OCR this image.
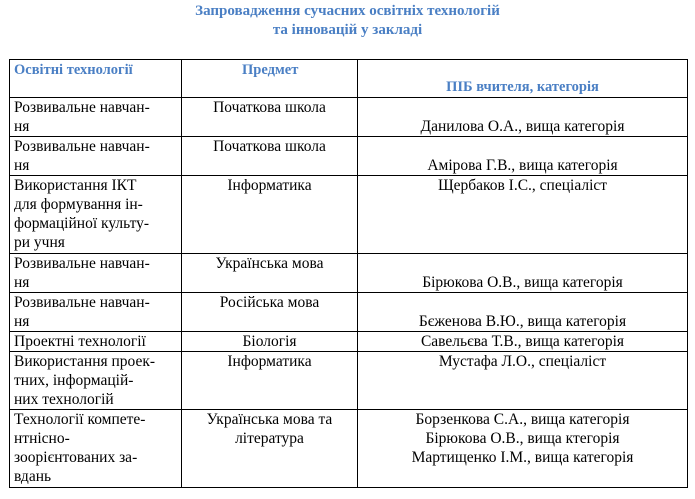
Запровадження сучасних освітніх технологій
та інновацій у закладі
Освітні технології	Предмет	ПІБ вчителя, категорія

Розвивальне навчан-
ня	Початкова школа	Данилова О.А., вища категорія

Розвивальне навчан-
ня	Початкова школа	Амірова Г.В., вища категорія

Використання ІКТ
для формування ін-
формаційної культу-
ри учня	Інформатика	Щербаков І.С., спеціаліст

Розвивальне навчан-
ня	Українська мова	Бірюкова О.В., вища категорія

Розвивальне навчан-
ня	Російська мова	Бєженова В.Ю., вища категорія

Проектні технології	Біологія	Савельєва Т.В., вища категорія

Використання проек-
тних, інформацій-
них технологій	Інформатика	Мустафа Л.О., спеціаліст

Технології компете-
нтнісно-
зоорієнтованих за-
вдань	Українська мова та
література	Борзенкова С.А., вища категорія
Бірюкова О.В., вища ктегорія
Мартищенко І.М., вища категорія
